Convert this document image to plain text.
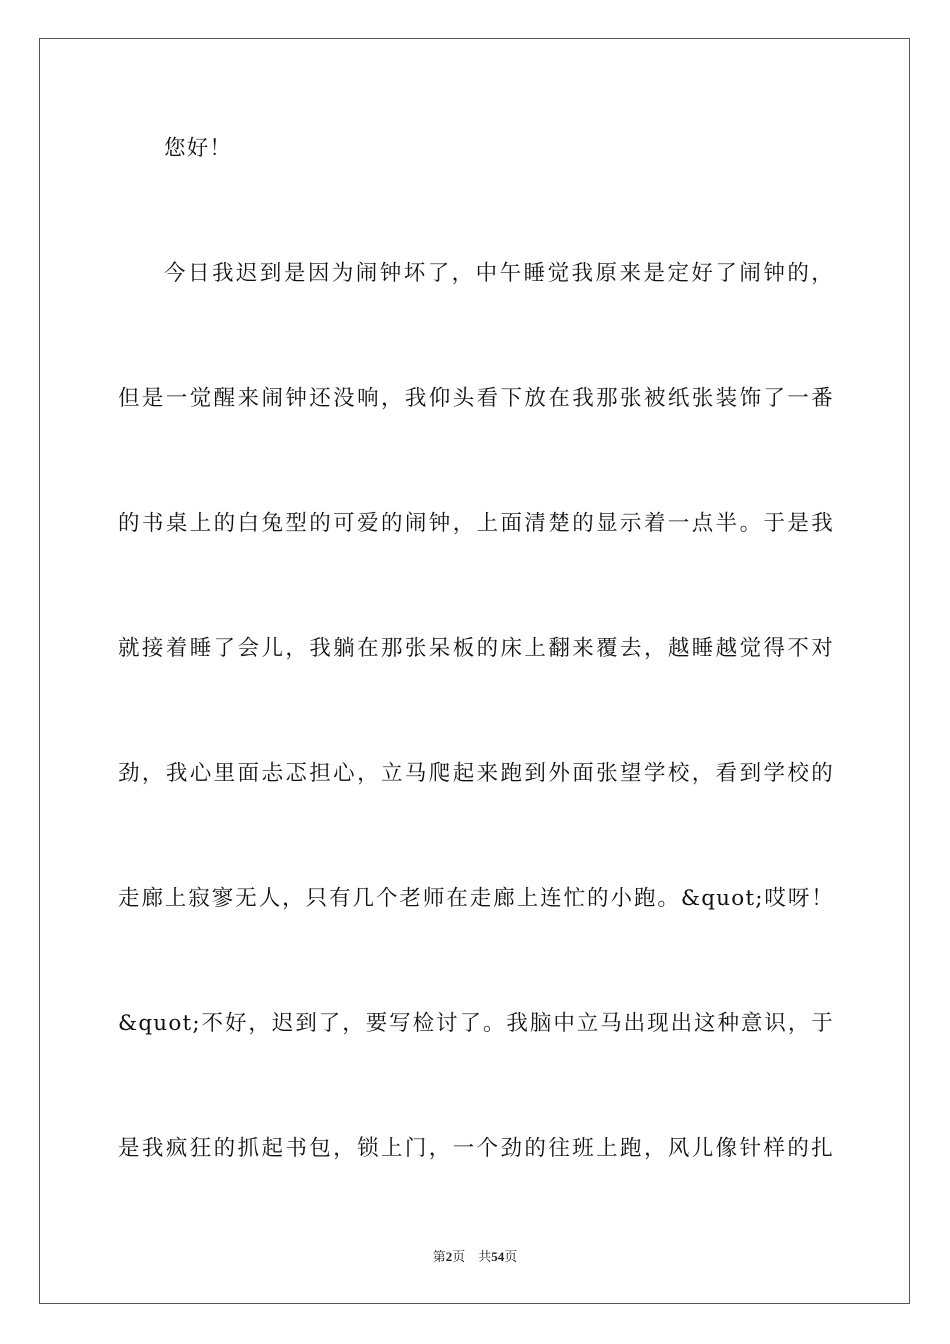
您好！
今日我迟到是因为闹钟坏了，中午睡觉我原来是定好了闹钟的，
但是一觉醒来闹钟还没响，我仰头看下放在我那张被纸张装饰了一番
的书桌上的白兔型的可爱的闹钟，上面清楚的显示着一点半。于是我
就接着睡了会儿，我躺在那张呆板的床上翻来覆去，越睡越觉得不对
劲，我心里面忐忑担心，立马爬起来跑到外面张望学校，看到学校的
走廊上寂寥无人，只有几个老师在走廊上连忙的小跑。&quot;哎呀！
&quot;不好，迟到了，要写检讨了。我脑中立马出现出这种意识，于
是我疯狂的抓起书包，锁上门，一个劲的往班上跑，风儿像针样的扎
第2页 共54页
